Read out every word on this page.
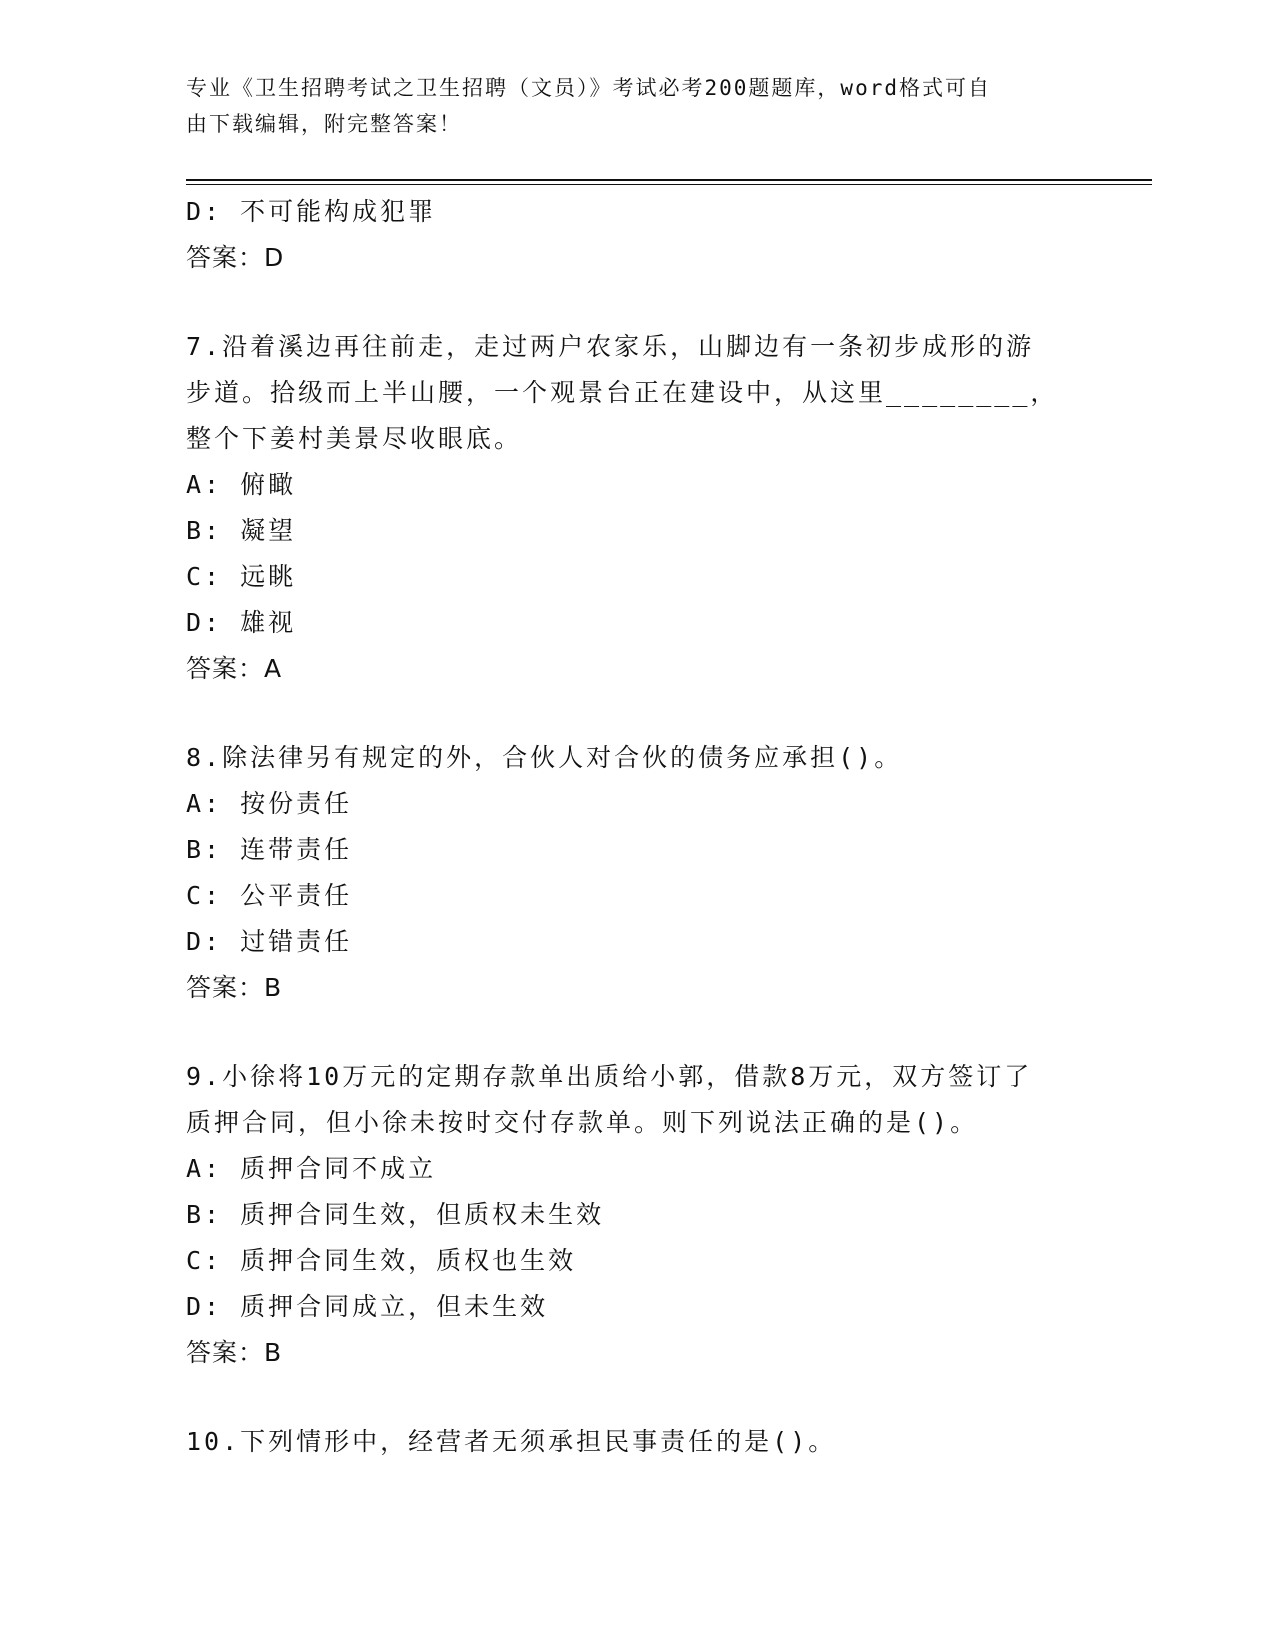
专业《卫生招聘考试之卫生招聘（文员）》考试必考200题题库，word格式可自
由下载编辑，附完整答案！
D: 不可能构成犯罪
答案：D
7.沿着溪边再往前走，走过两户农家乐，山脚边有一条初步成形的游
步道。拾级而上半山腰，一个观景台正在建设中，从这里________，
整个下姜村美景尽收眼底。
A: 俯瞰
B: 凝望
C: 远眺
D: 雄视
答案：A
8.除法律另有规定的外，合伙人对合伙的债务应承担()。
A: 按份责任
B: 连带责任
C: 公平责任
D: 过错责任
答案：B
9.小徐将10万元的定期存款单出质给小郭，借款8万元，双方签订了
质押合同，但小徐未按时交付存款单。则下列说法正确的是()。
A: 质押合同不成立
B: 质押合同生效，但质权未生效
C: 质押合同生效，质权也生效
D: 质押合同成立，但未生效
答案：B
10.下列情形中，经营者无须承担民事责任的是()。
